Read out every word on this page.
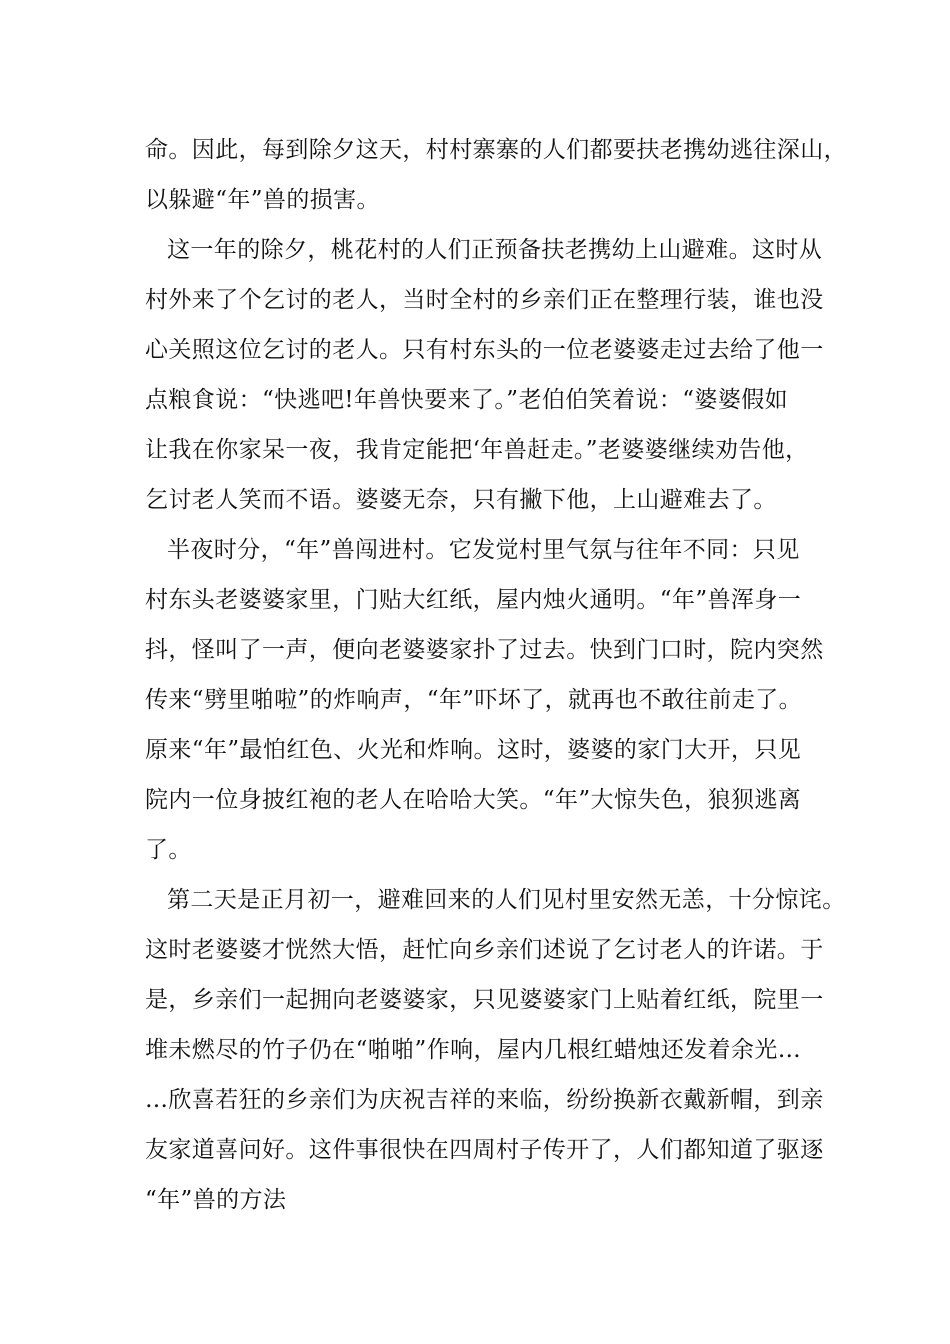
命。因此，每到除夕这天，村村寨寨的人们都要扶老携幼逃往深山，
以躲避“年”兽的损害。
这一年的除夕，桃花村的人们正预备扶老携幼上山避难。这时从
村外来了个乞讨的老人，当时全村的乡亲们正在整理行装，谁也没
心关照这位乞讨的老人。只有村东头的一位老婆婆走过去给了他一
点粮食说：“快逃吧!年兽快要来了。”老伯伯笑着说：“婆婆假如
让我在你家呆一夜，我肯定能把‘年兽赶走。”老婆婆继续劝告他，
乞讨老人笑而不语。婆婆无奈，只有撇下他，上山避难去了。
半夜时分，“年”兽闯进村。它发觉村里气氛与往年不同：只见
村东头老婆婆家里，门贴大红纸，屋内烛火通明。“年”兽浑身一
抖，怪叫了一声，便向老婆婆家扑了过去。快到门口时，院内突然
传来“劈里啪啦”的炸响声，“年”吓坏了，就再也不敢往前走了。
原来“年”最怕红色、火光和炸响。这时，婆婆的家门大开，只见
院内一位身披红袍的老人在哈哈大笑。“年”大惊失色，狼狈逃离
了。
第二天是正月初一，避难回来的人们见村里安然无恙，十分惊诧。
这时老婆婆才恍然大悟，赶忙向乡亲们述说了乞讨老人的许诺。于
是，乡亲们一起拥向老婆婆家，只见婆婆家门上贴着红纸，院里一
堆未燃尽的竹子仍在“啪啪”作响，屋内几根红蜡烛还发着余光…
…欣喜若狂的乡亲们为庆祝吉祥的来临，纷纷换新衣戴新帽，到亲
友家道喜问好。这件事很快在四周村子传开了，人们都知道了驱逐
“年”兽的方法
